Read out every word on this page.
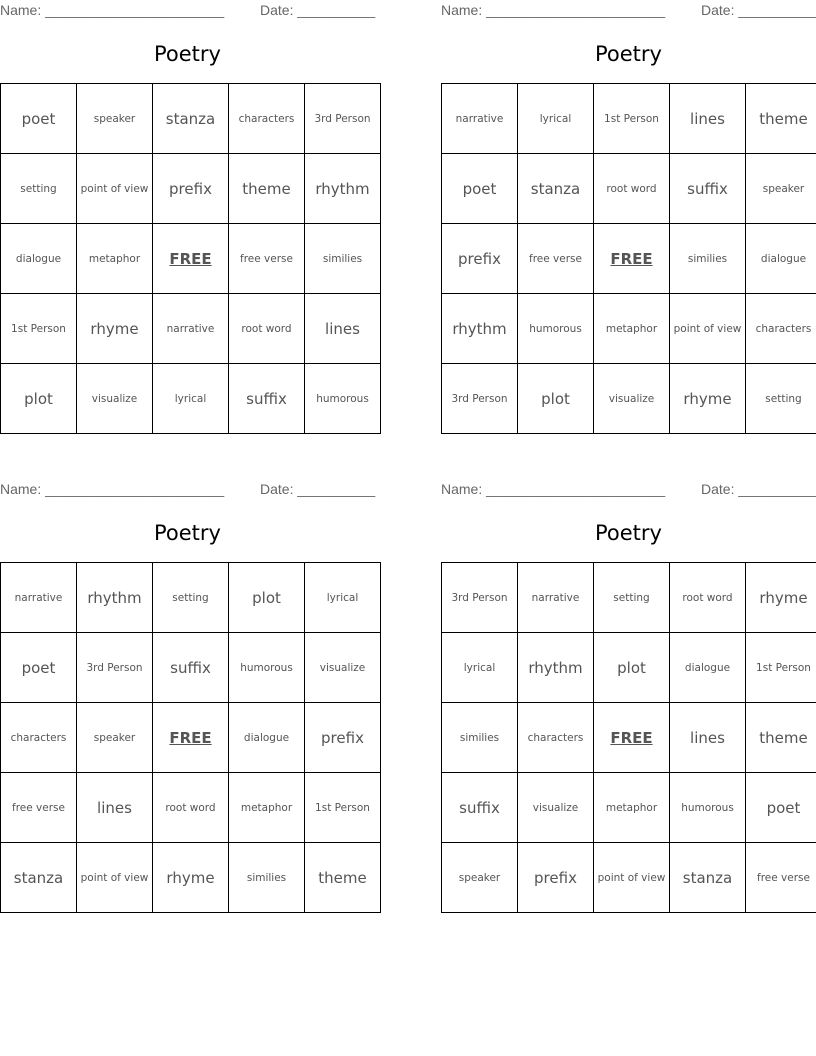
Name: _______________________	Date: __________
Poetry
poet	speaker	stanza	characters	3rd Person
setting	point of view	prefix	theme	rhythm
dialogue	metaphor	FREE	free verse	similies
1st Person	rhyme	narrative	root word	lines
plot	visualize	lyrical	suffix	humorous
Name: _______________________	Date: __________
Poetry
narrative	lyrical	1st Person	lines	theme
poet	stanza	root word	suffix	speaker
prefix	free verse	FREE	similies	dialogue
rhythm	humorous	metaphor	point of view	characters
3rd Person	plot	visualize	rhyme	setting
Name: _______________________	Date: __________
Poetry
narrative	rhythm	setting	plot	lyrical
poet	3rd Person	suffix	humorous	visualize
characters	speaker	FREE	dialogue	prefix
free verse	lines	root word	metaphor	1st Person
stanza	point of view	rhyme	similies	theme
Name: _______________________	Date: __________
Poetry
3rd Person	narrative	setting	root word	rhyme
lyrical	rhythm	plot	dialogue	1st Person
similies	characters	FREE	lines	theme
suffix	visualize	metaphor	humorous	poet
speaker	prefix	point of view	stanza	free verse
